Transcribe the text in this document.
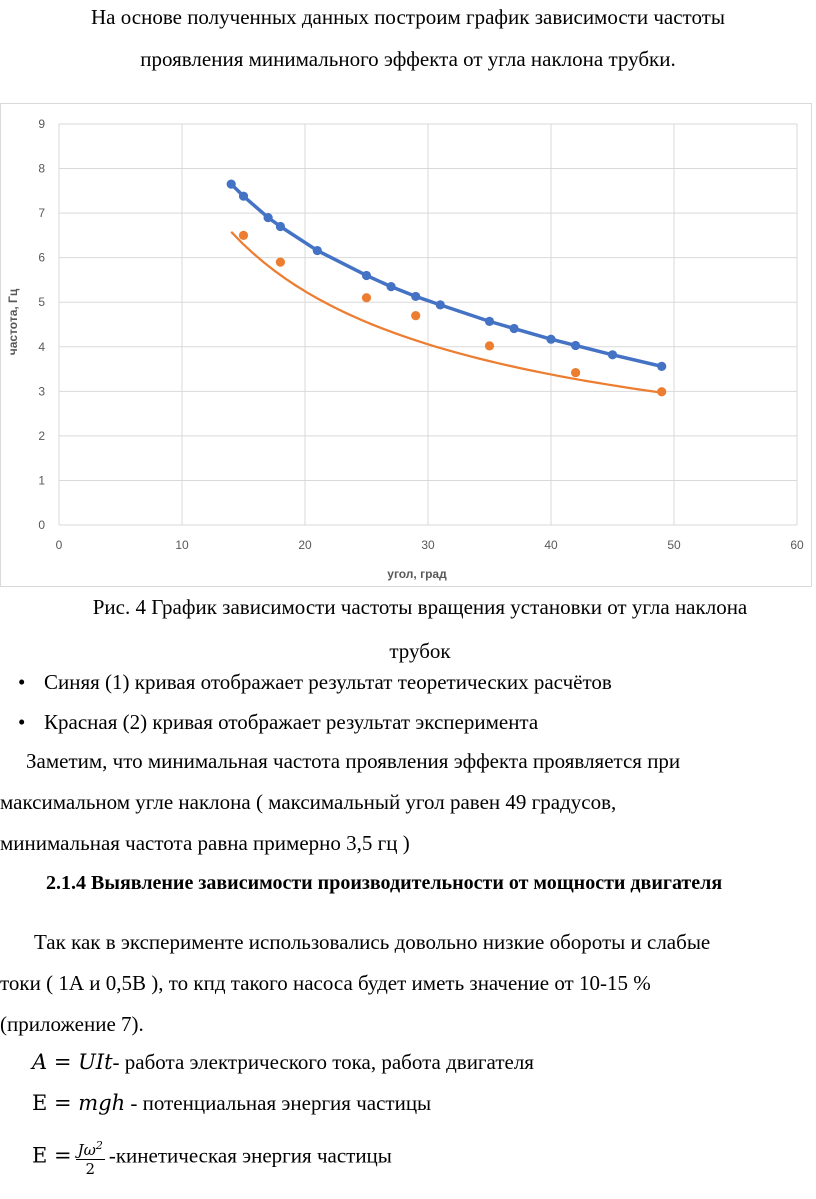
На основе полученных данных построим график зависимости частоты
проявления минимального эффекта от угла наклона трубки.
0
1
2
3
4
5
6
7
8
9
0	10	20	30	40	50	60
угол, град
частота, Гц
Рис. 4 График зависимости частоты вращения установки от угла наклона
трубок
• Синяя (1) кривая отображает результат теоретических расчётов
• Красная (2) кривая отображает результат эксперимента
Заметим, что минимальная частота проявления эффекта проявляется при
максимальном угле наклона ( максимальный угол равен 49 градусов,
минимальная частота равна примерно 3,5 гц )
2.1.4 Выявление зависимости производительности от мощности двигателя
Так как в эксперименте использовались довольно низкие обороты и слабые
токи ( 1А и 0,5В ), то кпд такого насоса будет иметь значение от 10-15 %
(приложение 7).
A = UIt- работа электрического тока, работа двигателя
E = mgh - потенциальная энергия частицы
$E = \frac{J\omega^2}{2}$ -кинетическая энергия частицы
